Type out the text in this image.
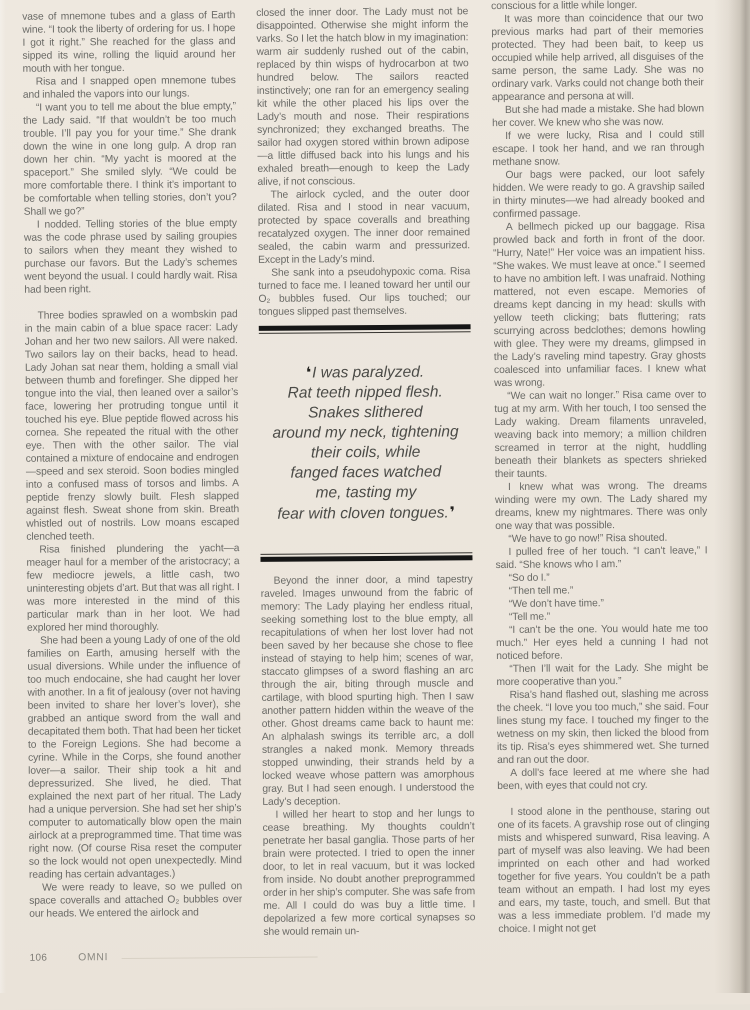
vase of mnemone tubes and a glass of Earth wine. “I took the liberty of ordering for us. I hope I got it right.” She reached for the glass and sipped its wine, rolling the liquid around her mouth with her tongue.

Risa and I snapped open mnemone tubes and inhaled the vapors into our lungs.

“I want you to tell me about the blue empty,” the Lady said. “If that wouldn’t be too much trouble. I’ll pay you for your time.” She drank down the wine in one long gulp. A drop ran down her chin. “My yacht is moored at the spaceport.” She smiled slyly. “We could be more comfortable there. I think it’s important to be comfortable when telling stories, don’t you? Shall we go?”

I nodded. Telling stories of the blue empty was the code phrase used by sailing groupies to sailors when they meant they wished to purchase our favors. But the Lady’s schemes went beyond the usual. I could hardly wait. Risa had been right.

Three bodies sprawled on a wombskin pad in the main cabin of a blue space racer: Lady Johan and her two new sailors. All were naked. Two sailors lay on their backs, head to head. Lady Johan sat near them, holding a small vial between thumb and forefinger. She dipped her tongue into the vial, then leaned over a sailor’s face, lowering her protruding tongue until it touched his eye. Blue peptide flowed across his cornea. She repeated the ritual with the other eye. Then with the other sailor. The vial contained a mixture of endocaine and endrogen—speed and sex steroid. Soon bodies mingled into a confused mass of torsos and limbs. A peptide frenzy slowly built. Flesh slapped against flesh. Sweat shone from skin. Breath whistled out of nostrils. Low moans escaped clenched teeth.

Risa finished plundering the yacht—a meager haul for a member of the aristocracy; a few mediocre jewels, a little cash, two uninteresting objets d’art. But that was all right. I was more interested in the mind of this particular mark than in her loot. We had explored her mind thoroughly.

She had been a young Lady of one of the old families on Earth, amusing herself with the usual diversions. While under the influence of too much endocaine, she had caught her lover with another. In a fit of jealousy (over not having been invited to share her lover’s lover), she grabbed an antique sword from the wall and decapitated them both. That had been her ticket to the Foreign Legions. She had become a cyrine. While in the Corps, she found another lover—a sailor. Their ship took a hit and depressurized. She lived, he died. That explained the next part of her ritual. The Lady had a unique perversion. She had set her ship’s computer to automatically blow open the main airlock at a preprogrammed time. That time was right now. (Of course Risa reset the computer so the lock would not open unexpectedly. Mind reading has certain advantages.)

We were ready to leave, so we pulled on space coveralls and attached O₂ bubbles over our heads. We entered the airlock and

closed the inner door. The Lady must not be disappointed. Otherwise she might inform the varks. So I let the hatch blow in my imagination: warm air suddenly rushed out of the cabin, replaced by thin wisps of hydrocarbon at two hundred below. The sailors reacted instinctively; one ran for an emergency sealing kit while the other placed his lips over the Lady’s mouth and nose. Their respirations synchronized; they exchanged breaths. The sailor had oxygen stored within brown adipose—a little diffused back into his lungs and his exhaled breath—enough to keep the Lady alive, if not conscious.

The airlock cycled, and the outer door dilated. Risa and I stood in near vacuum, protected by space coveralls and breathing recatalyzed oxygen. The inner door remained sealed, the cabin warm and pressurized. Except in the Lady’s mind.

She sank into a pseudohypoxic coma. Risa turned to face me. I leaned toward her until our O₂ bubbles fused. Our lips touched; our tongues slipped past themselves.

❛I was paralyzed.
Rat teeth nipped flesh.
Snakes slithered
around my neck, tightening
their coils, while
fanged faces watched
me, tasting my
fear with cloven tongues.❜

Beyond the inner door, a mind tapestry raveled. Images unwound from the fabric of memory: The Lady playing her endless ritual, seeking something lost to the blue empty, all recapitulations of when her lost lover had not been saved by her because she chose to flee instead of staying to help him; scenes of war, staccato glimpses of a sword flashing an arc through the air, biting through muscle and cartilage, with blood spurting high. Then I saw another pattern hidden within the weave of the other. Ghost dreams came back to haunt me: An alphalash swings its terrible arc, a doll strangles a naked monk. Memory threads stopped unwinding, their strands held by a locked weave whose pattern was amorphous gray. But I had seen enough. I understood the Lady’s deception.

I willed her heart to stop and her lungs to cease breathing. My thoughts couldn’t penetrate her basal ganglia. Those parts of her brain were protected. I tried to open the inner door, to let in real vacuum, but it was locked from inside. No doubt another preprogrammed order in her ship’s computer. She was safe from me. All I could do was buy a little time. I depolarized a few more cortical synapses so she would remain un-

conscious for a little while longer.

It was more than coincidence that our two previous marks had part of their memories protected. They had been bait, to keep us occupied while help arrived, all disguises of the same person, the same Lady. She was no ordinary vark. Varks could not change both their appearance and persona at will.

But she had made a mistake. She had blown her cover. We knew who she was now.

If we were lucky, Risa and I could still escape. I took her hand, and we ran through methane snow.

Our bags were packed, our loot safely hidden. We were ready to go. A gravship sailed in thirty minutes—we had already booked and confirmed passage.

A bellmech picked up our baggage. Risa prowled back and forth in front of the door. “Hurry, Nate!” Her voice was an impatient hiss. “She wakes. We must leave at once.” I seemed to have no ambition left. I was unafraid. Nothing mattered, not even escape. Memories of dreams kept dancing in my head: skulls with yellow teeth clicking; bats fluttering; rats scurrying across bedclothes; demons howling with glee. They were my dreams, glimpsed in the Lady’s raveling mind tapestry. Gray ghosts coalesced into unfamiliar faces. I knew what was wrong.

“We can wait no longer.” Risa came over to tug at my arm. With her touch, I too sensed the Lady waking. Dream filaments unraveled, weaving back into memory; a million children screamed in terror at the night, huddling beneath their blankets as specters shrieked their taunts.

I knew what was wrong. The dreams winding were my own. The Lady shared my dreams, knew my nightmares. There was only one way that was possible.

“We have to go now!” Risa shouted.

I pulled free of her touch. “I can’t leave,” I said. “She knows who I am.”

“So do I.”

“Then tell me.”

“We don’t have time.”

“Tell me.”

“I can’t be the one. You would hate me too much.” Her eyes held a cunning I had not noticed before.

“Then I’ll wait for the Lady. She might be more cooperative than you.”

Risa’s hand flashed out, slashing me across the cheek. “I love you too much,” she said. Four lines stung my face. I touched my finger to the wetness on my skin, then licked the blood from its tip. Risa’s eyes shimmered wet. She turned and ran out the door.

A doll’s face leered at me where she had been, with eyes that could not cry.

I stood alone in the penthouse, staring out one of its facets. A gravship rose out of clinging mists and whispered sunward, Risa leaving. A part of myself was also leaving. We had been imprinted on each other and had worked together for five years. You couldn’t be a path team without an empath. I had lost my eyes and ears, my taste, touch, and smell. But that was a less immediate problem. I’d made my choice. I might not get

106	OMNI
